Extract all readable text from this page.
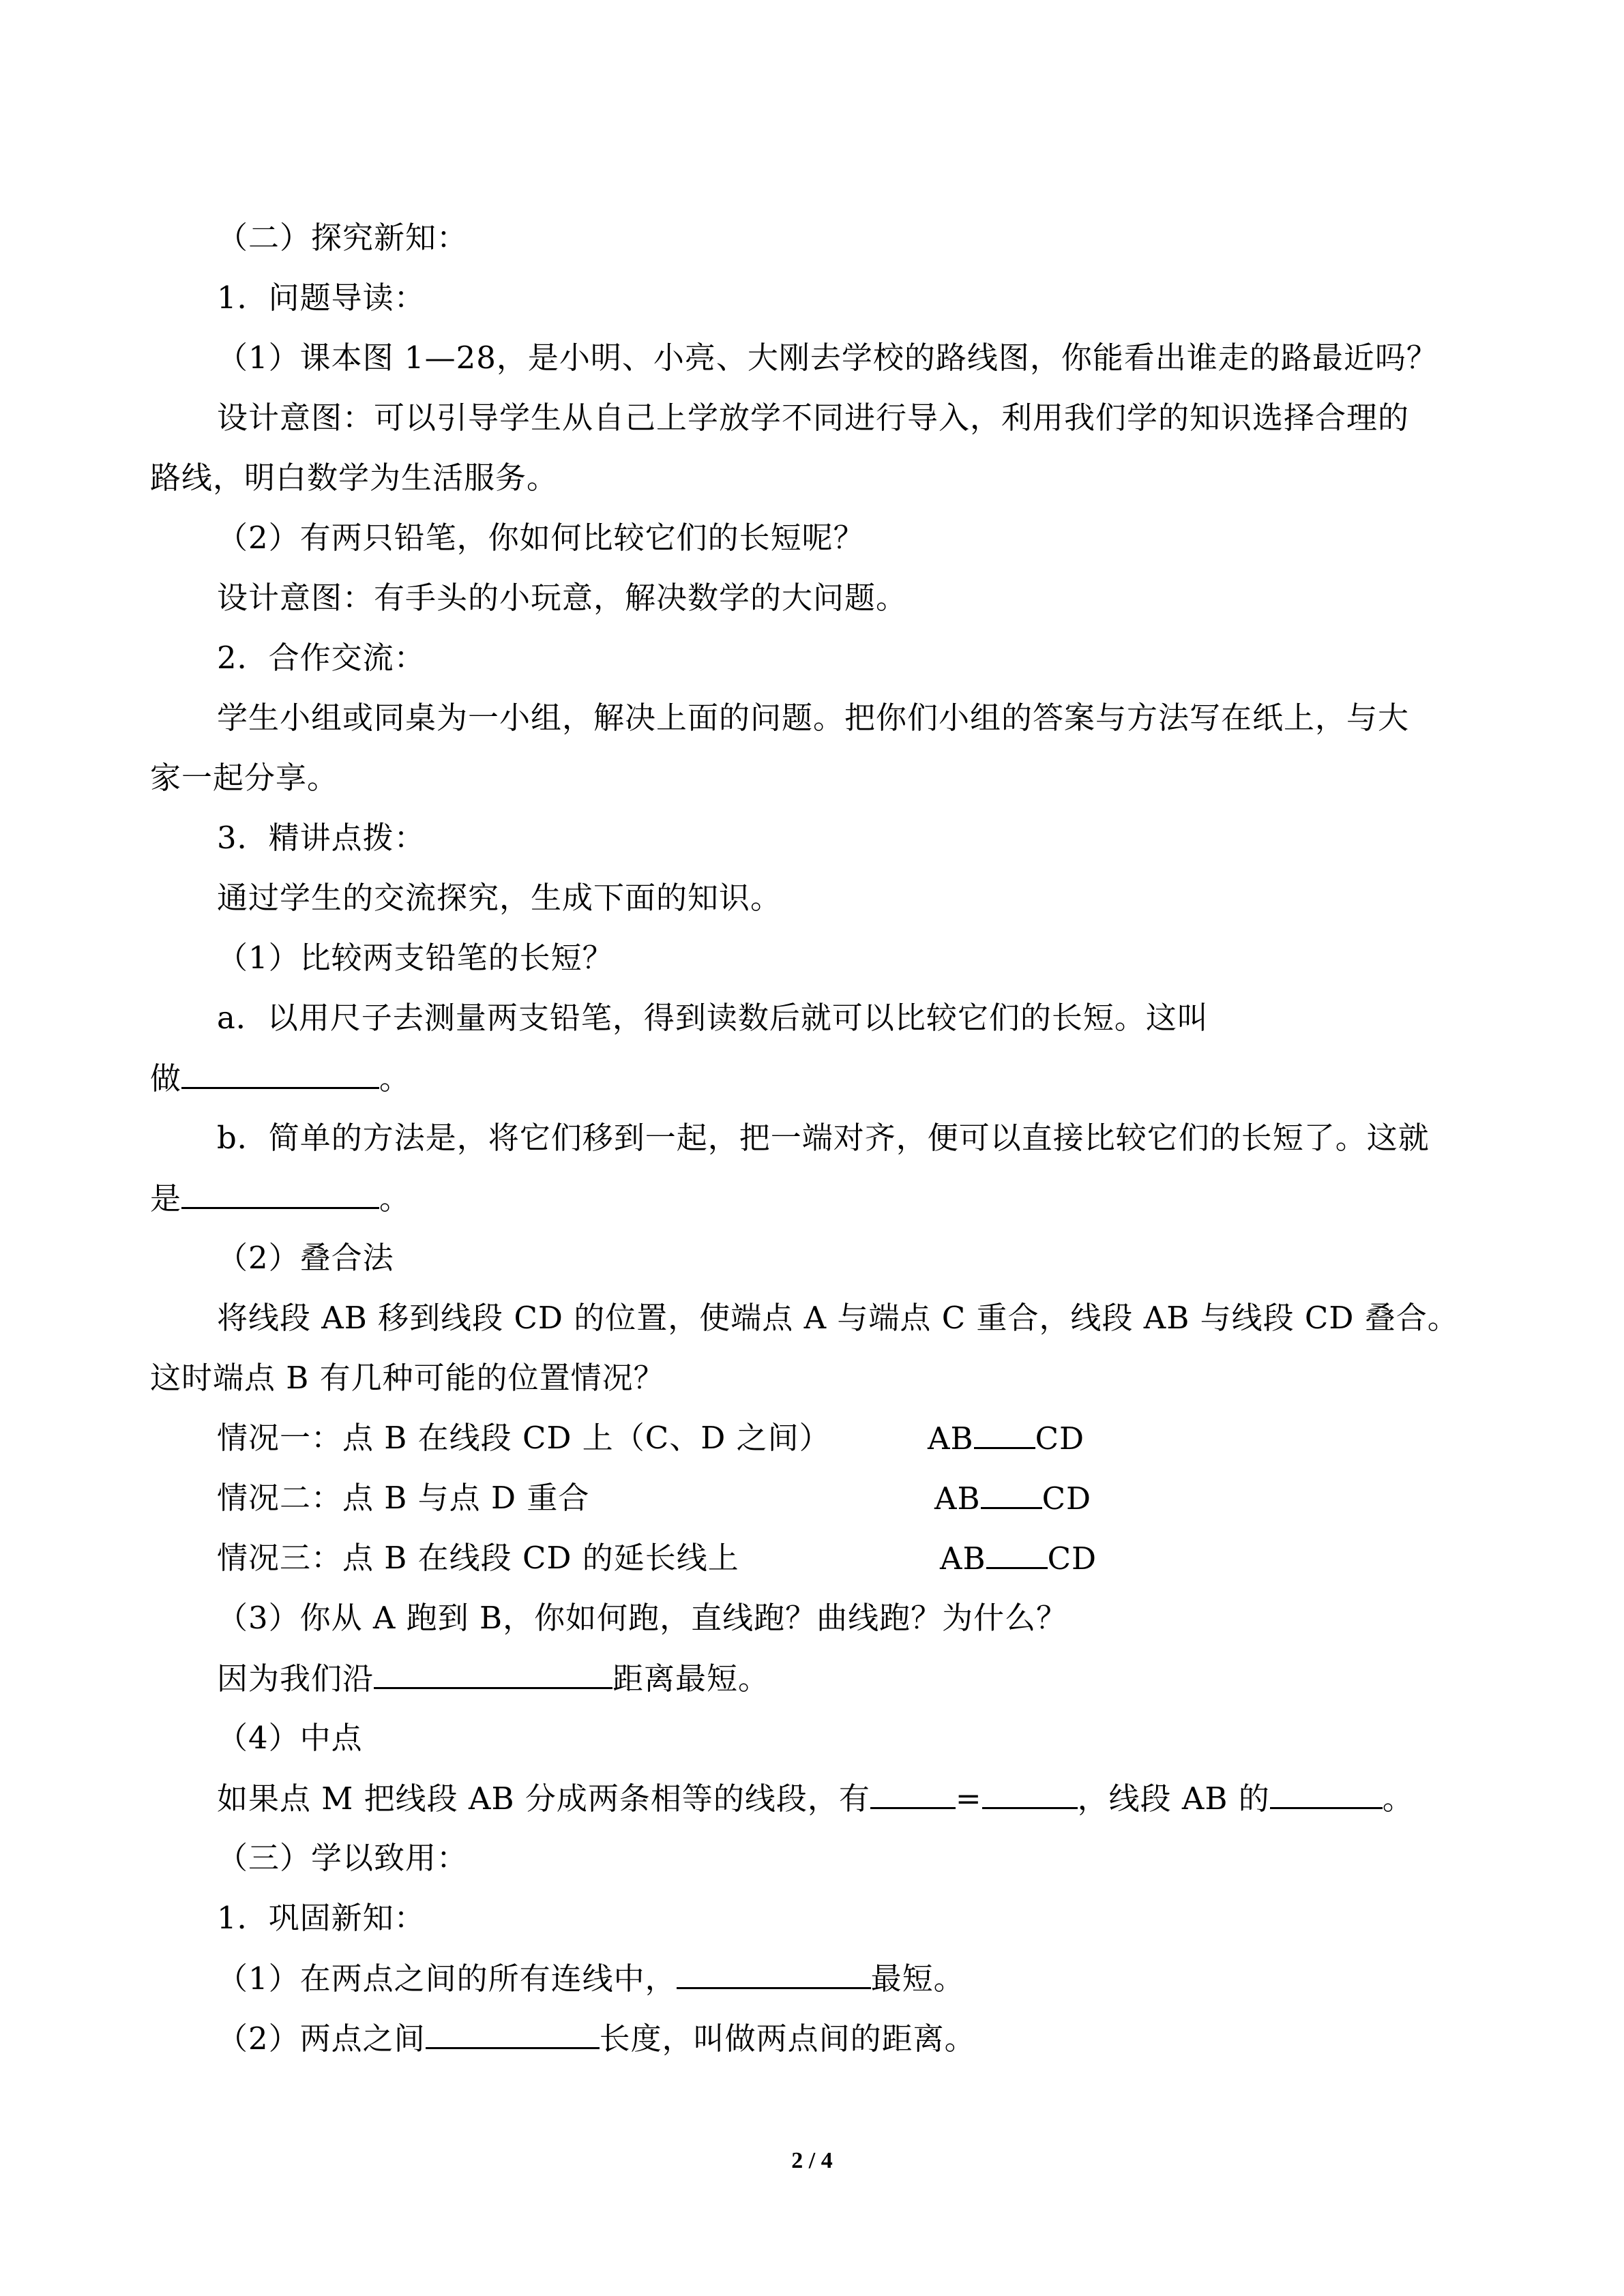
（二）探究新知：
1．问题导读：
（1）课本图 1—28，是小明、小亮、大刚去学校的路线图，你能看出谁走的路最近吗？
设计意图：可以引导学生从自己上学放学不同进行导入，利用我们学的知识选择合理的
路线，明白数学为生活服务。
（2）有两只铅笔，你如何比较它们的长短呢？
设计意图：有手头的小玩意，解决数学的大问题。
2．合作交流：
学生小组或同桌为一小组，解决上面的问题。把你们小组的答案与方法写在纸上，与大
家一起分享。
3．精讲点拨：
通过学生的交流探究，生成下面的知识。
（1）比较两支铅笔的长短？
a．以用尺子去测量两支铅笔，得到读数后就可以比较它们的长短。这叫
做	。
b．简单的方法是，将它们移到一起，把一端对齐，便可以直接比较它们的长短了。这就
是	。
（2）叠合法
将线段 AB 移到线段 CD 的位置，使端点 A 与端点 C 重合，线段 AB 与线段 CD 叠合。
这时端点 B 有几种可能的位置情况？
情况一：点 B 在线段 CD 上（C、D 之间）	AB CD
情况二：点 B 与点 D 重合	AB CD
情况三：点 B 在线段 CD 的延长线上	AB CD
（3）你从 A 跑到 B，你如何跑，直线跑？曲线跑？为什么？
因为我们沿	距离最短。
（4）中点
如果点 M 把线段 AB 分成两条相等的线段，有	=	，线段 AB 的	。
（三）学以致用：
1．巩固新知：
（1）在两点之间的所有连线中，	最短。
（2）两点之间	长度，叫做两点间的距离。
2 / 4
